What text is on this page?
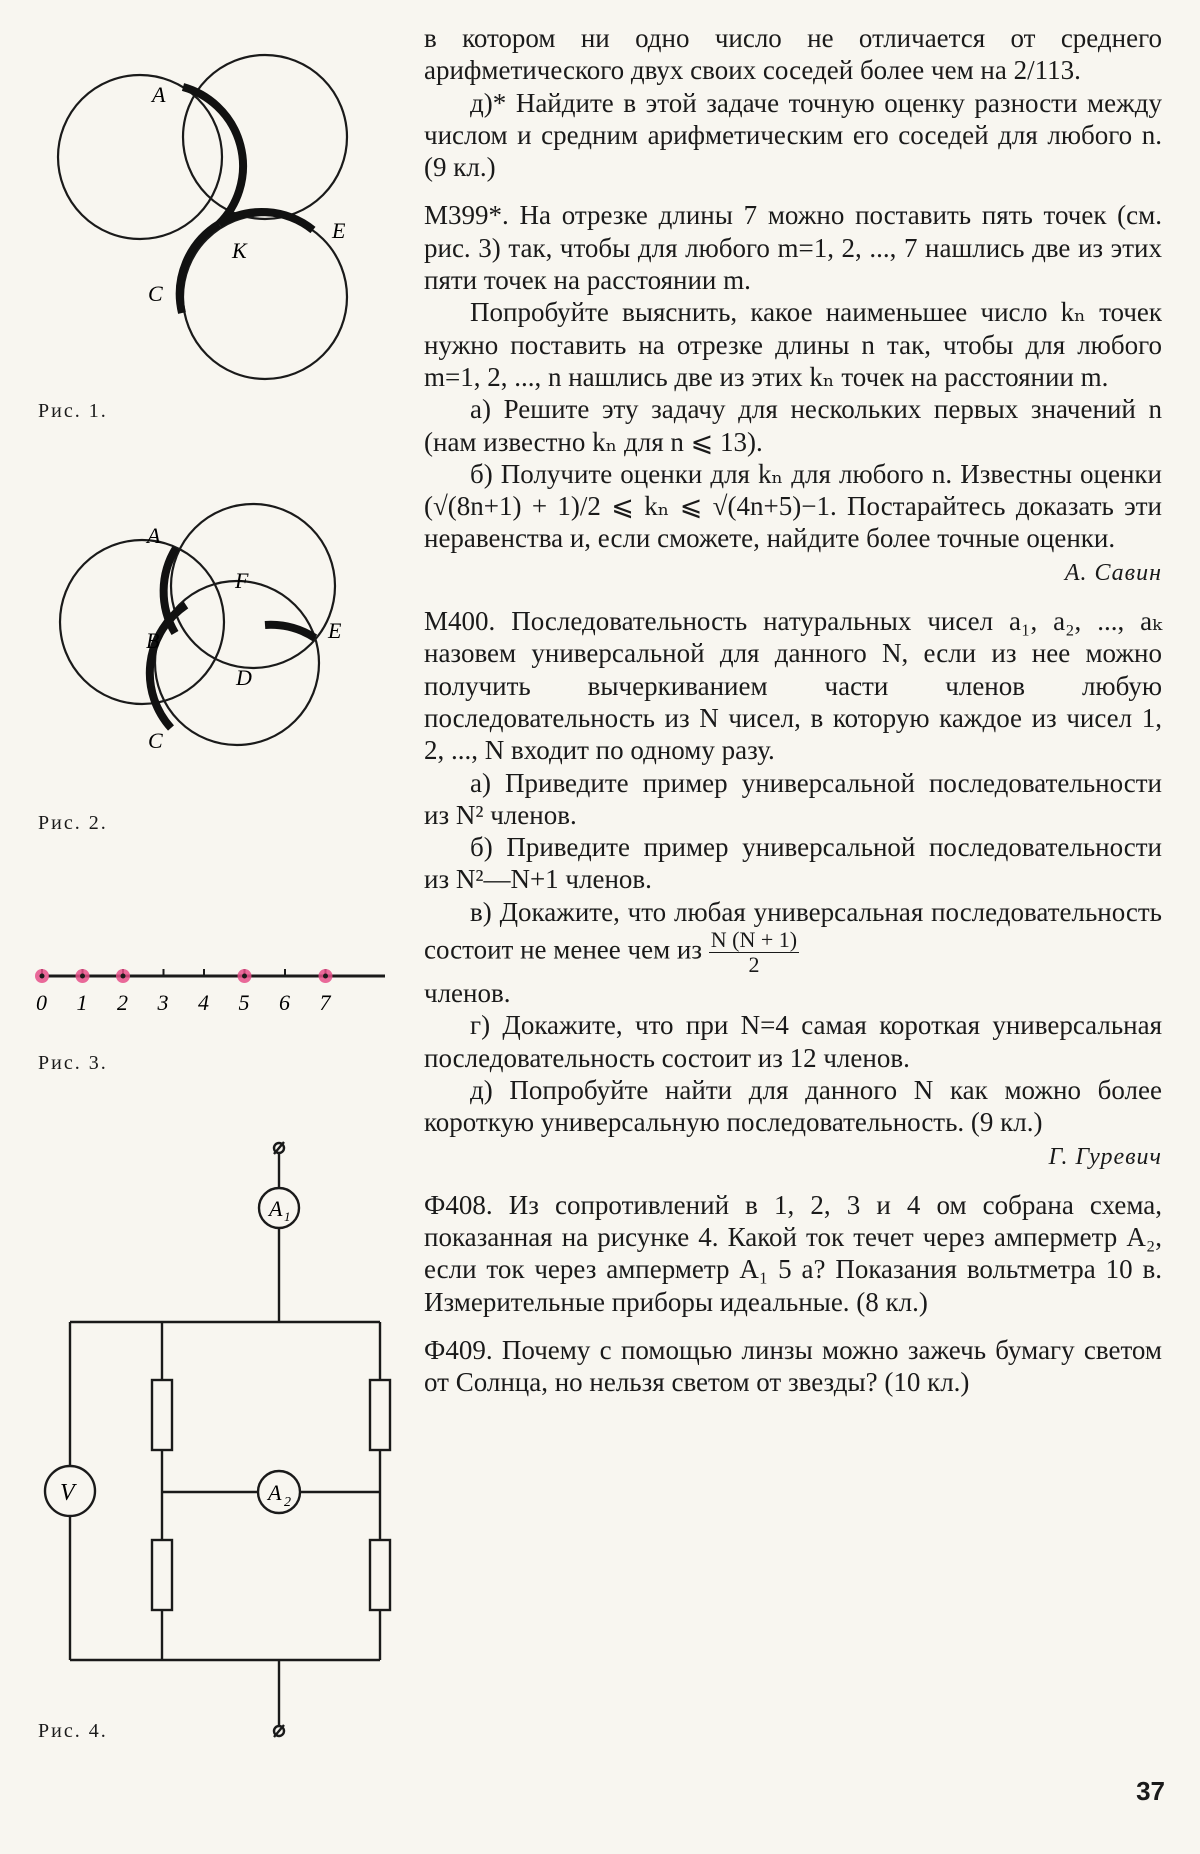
A
K
E
C
Рис. 1.
A
F
B
D
E
C
Рис. 2.
0 1 2 3 4 5 6 7
Рис. 3.
A 1
A 2
V
Рис. 4.

в котором ни одно число не отличается от среднего арифметического двух своих соседей более чем на 2/113.

д)* Найдите в этой задаче точную оценку разности между числом и средним арифметическим его соседей для любого n. (9 кл.)

М399*. На отрезке длины 7 можно поставить пять точек (см. рис. 3) так, чтобы для любого m=1, 2, ..., 7 нашлись две из этих пяти точек на расстоянии m.

Попробуйте выяснить, какое наименьшее число kₙ точек нужно поставить на отрезке длины n так, чтобы для любого m=1, 2, ..., n нашлись две из этих kₙ точек на расстоянии m.

а) Решите эту задачу для нескольких первых значений n (нам известно kₙ для n ⩽ 13).

б) Получите оценки для kₙ для любого n. Известны оценки (√(8n+1) + 1)/2 ⩽ kₙ ⩽ √(4n+5)−1. Постарайтесь доказать эти неравенства и, если сможете, найдите более точные оценки.

А. Савин

М400. Последовательность натуральных чисел a₁, a₂, ..., aₖ назовем универсальной для данного N, если из нее можно получить вычеркиванием части членов любую последовательность из N чисел, в которую каждое из чисел 1, 2, ..., N входит по одному разу.

а) Приведите пример универсальной последовательности из N² членов.

б) Приведите пример универсальной последовательности из N²—N+1 членов.

в) Докажите, что любая универсальная последовательность состоит не менее чем из $\frac{N (N + 1)}{2}$

членов.

г) Докажите, что при N=4 самая короткая универсальная последовательность состоит из 12 членов.

д) Попробуйте найти для данного N как можно более короткую универсальную последовательность. (9 кл.)

Г. Гуревич

Ф408. Из сопротивлений в 1, 2, 3 и 4 ом собрана схема, показанная на рисунке 4. Какой ток течет через амперметр A₂, если ток через амперметр A₁ 5 a? Показания вольтметра 10 в. Измерительные приборы идеальные. (8 кл.)

Ф409. Почему с помощью линзы можно зажечь бумагу светом от Солнца, но нельзя светом от звезды? (10 кл.)

37
